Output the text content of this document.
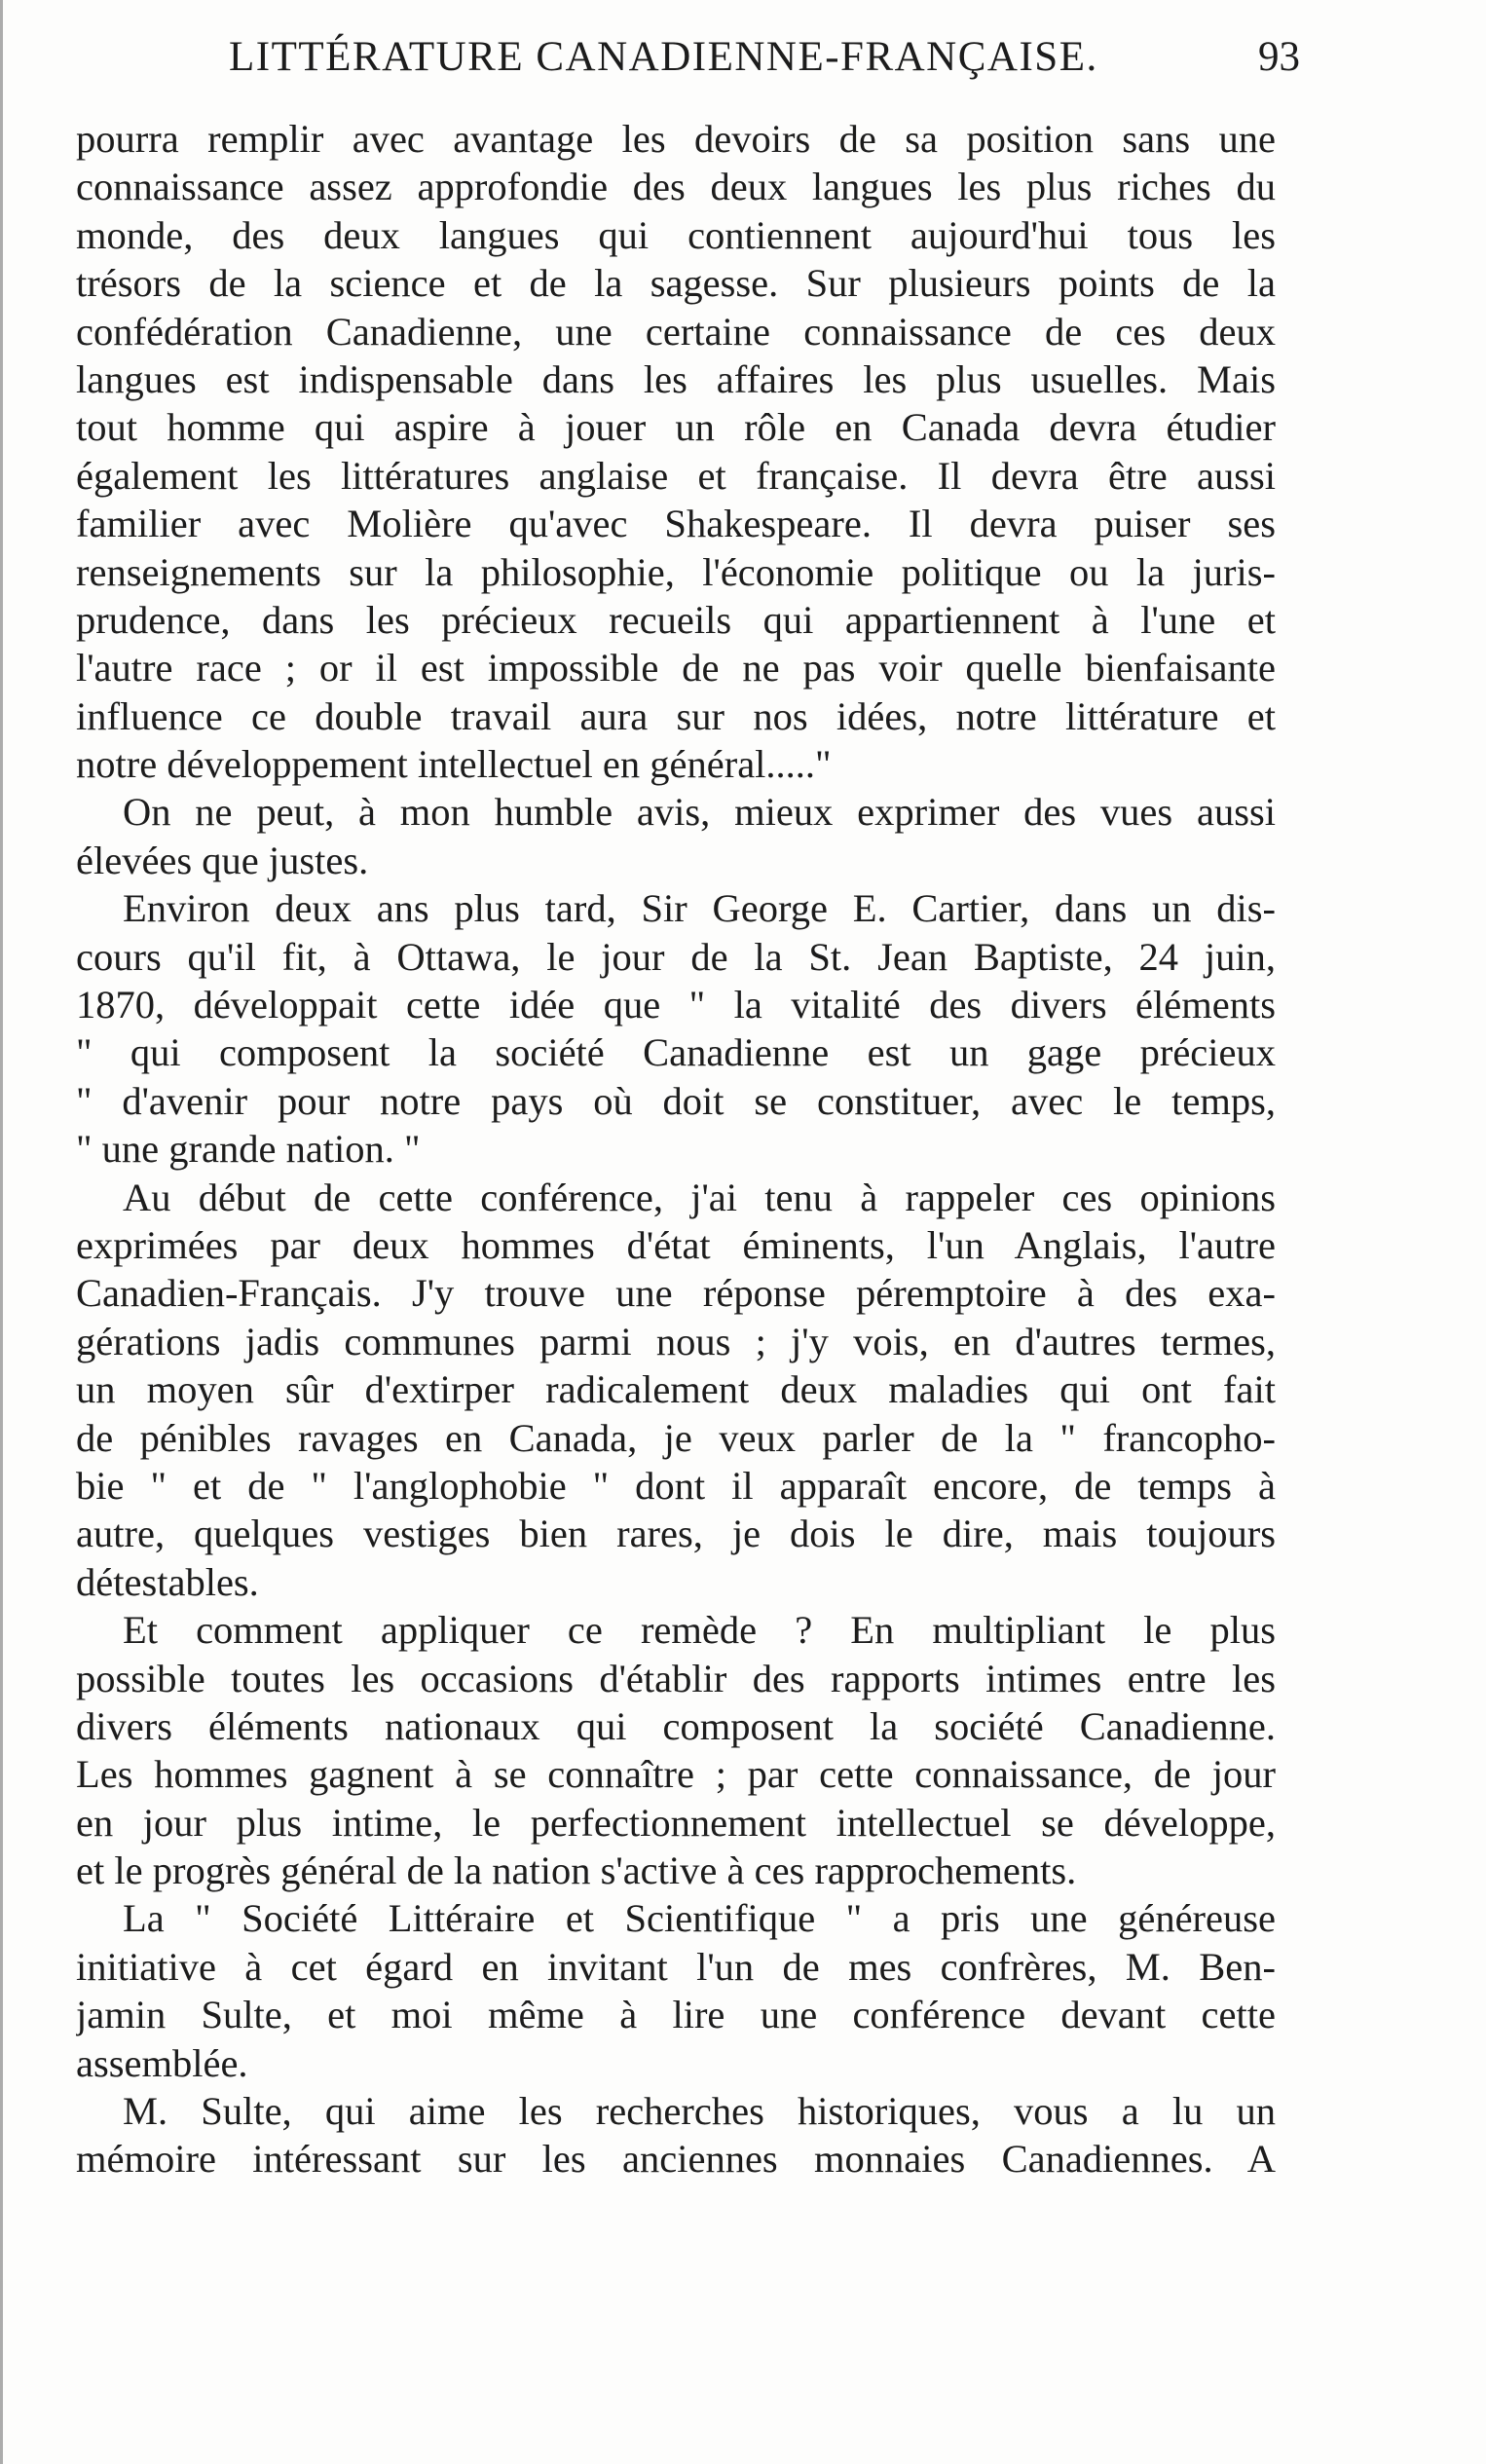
LITTÉRATURE CANADIENNE-FRANÇAISE.	93
pourra remplir avec avantage les devoirs de sa position sans une
connaissance assez approfondie des deux langues les plus riches du
monde, des deux langues qui contiennent aujourd'hui tous les
trésors de la science et de la sagesse. Sur plusieurs points de la
confédération Canadienne, une certaine connaissance de ces deux
langues est indispensable dans les affaires les plus usuelles. Mais
tout homme qui aspire à jouer un rôle en Canada devra étudier
également les littératures anglaise et française. Il devra être aussi
familier avec Molière qu'avec Shakespeare. Il devra puiser ses
renseignements sur la philosophie, l'économie politique ou la juris-
prudence, dans les précieux recueils qui appartiennent à l'une et
l'autre race ; or il est impossible de ne pas voir quelle bienfaisante
influence ce double travail aura sur nos idées, notre littérature et
notre développement intellectuel en général....."
On ne peut, à mon humble avis, mieux exprimer des vues aussi
élevées que justes.
Environ deux ans plus tard, Sir George E. Cartier, dans un dis-
cours qu'il fit, à Ottawa, le jour de la St. Jean Baptiste, 24 juin,
1870, développait cette idée que " la vitalité des divers éléments
" qui composent la société Canadienne est un gage précieux
" d'avenir pour notre pays où doit se constituer, avec le temps,
" une grande nation. "
Au début de cette conférence, j'ai tenu à rappeler ces opinions
exprimées par deux hommes d'état éminents, l'un Anglais, l'autre
Canadien-Français. J'y trouve une réponse péremptoire à des exa-
gérations jadis communes parmi nous ; j'y vois, en d'autres termes,
un moyen sûr d'extirper radicalement deux maladies qui ont fait
de pénibles ravages en Canada, je veux parler de la " francopho-
bie " et de " l'anglophobie " dont il apparaît encore, de temps à
autre, quelques vestiges bien rares, je dois le dire, mais toujours
détestables.
Et comment appliquer ce remède ? En multipliant le plus
possible toutes les occasions d'établir des rapports intimes entre les
divers éléments nationaux qui composent la société Canadienne.
Les hommes gagnent à se connaître ; par cette connaissance, de jour
en jour plus intime, le perfectionnement intellectuel se développe,
et le progrès général de la nation s'active à ces rapprochements.
La " Société Littéraire et Scientifique " a pris une généreuse
initiative à cet égard en invitant l'un de mes confrères, M. Ben-
jamin Sulte, et moi même à lire une conférence devant cette
assemblée.
M. Sulte, qui aime les recherches historiques, vous a lu un
mémoire intéressant sur les anciennes monnaies Canadiennes. A
